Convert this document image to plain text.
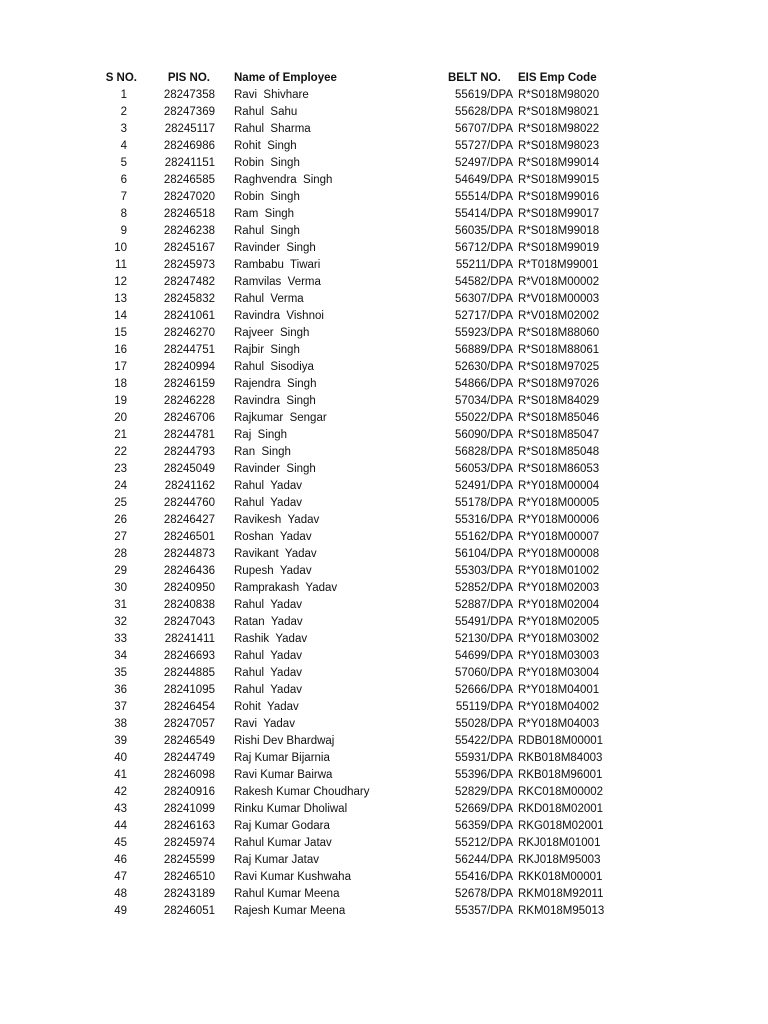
S NO.	PIS NO.	Name of Employee	BELT NO.	EIS Emp Code
1	28247358	Ravi  Shivhare	55619/DPA	R*S018M98020
2	28247369	Rahul  Sahu	55628/DPA	R*S018M98021
3	28245117	Rahul  Sharma	56707/DPA	R*S018M98022
4	28246986	Rohit  Singh	55727/DPA	R*S018M98023
5	28241151	Robin  Singh	52497/DPA	R*S018M99014
6	28246585	Raghvendra  Singh	54649/DPA	R*S018M99015
7	28247020	Robin  Singh	55514/DPA	R*S018M99016
8	28246518	Ram  Singh	55414/DPA	R*S018M99017
9	28246238	Rahul  Singh	56035/DPA	R*S018M99018
10	28245167	Ravinder  Singh	56712/DPA	R*S018M99019
11	28245973	Rambabu  Tiwari	55211/DPA	R*T018M99001
12	28247482	Ramvilas  Verma	54582/DPA	R*V018M00002
13	28245832	Rahul  Verma	56307/DPA	R*V018M00003
14	28241061	Ravindra  Vishnoi	52717/DPA	R*V018M02002
15	28246270	Rajveer  Singh	55923/DPA	R*S018M88060
16	28244751	Rajbir  Singh	56889/DPA	R*S018M88061
17	28240994	Rahul  Sisodiya	52630/DPA	R*S018M97025
18	28246159	Rajendra  Singh	54866/DPA	R*S018M97026
19	28246228	Ravindra  Singh	57034/DPA	R*S018M84029
20	28246706	Rajkumar  Sengar	55022/DPA	R*S018M85046
21	28244781	Raj  Singh	56090/DPA	R*S018M85047
22	28244793	Ran  Singh	56828/DPA	R*S018M85048
23	28245049	Ravinder  Singh	56053/DPA	R*S018M86053
24	28241162	Rahul  Yadav	52491/DPA	R*Y018M00004
25	28244760	Rahul  Yadav	55178/DPA	R*Y018M00005
26	28246427	Ravikesh  Yadav	55316/DPA	R*Y018M00006
27	28246501	Roshan  Yadav	55162/DPA	R*Y018M00007
28	28244873	Ravikant  Yadav	56104/DPA	R*Y018M00008
29	28246436	Rupesh  Yadav	55303/DPA	R*Y018M01002
30	28240950	Ramprakash  Yadav	52852/DPA	R*Y018M02003
31	28240838	Rahul  Yadav	52887/DPA	R*Y018M02004
32	28247043	Ratan  Yadav	55491/DPA	R*Y018M02005
33	28241411	Rashik  Yadav	52130/DPA	R*Y018M03002
34	28246693	Rahul  Yadav	54699/DPA	R*Y018M03003
35	28244885	Rahul  Yadav	57060/DPA	R*Y018M03004
36	28241095	Rahul  Yadav	52666/DPA	R*Y018M04001
37	28246454	Rohit  Yadav	55119/DPA	R*Y018M04002
38	28247057	Ravi  Yadav	55028/DPA	R*Y018M04003
39	28246549	Rishi Dev Bhardwaj	55422/DPA	RDB018M00001
40	28244749	Raj Kumar Bijarnia	55931/DPA	RKB018M84003
41	28246098	Ravi Kumar Bairwa	55396/DPA	RKB018M96001
42	28240916	Rakesh Kumar Choudhary	52829/DPA	RKC018M00002
43	28241099	Rinku Kumar Dholiwal	52669/DPA	RKD018M02001
44	28246163	Raj Kumar Godara	56359/DPA	RKG018M02001
45	28245974	Rahul Kumar Jatav	55212/DPA	RKJ018M01001
46	28245599	Raj Kumar Jatav	56244/DPA	RKJ018M95003
47	28246510	Ravi Kumar Kushwaha	55416/DPA	RKK018M00001
48	28243189	Rahul Kumar Meena	52678/DPA	RKM018M92011
49	28246051	Rajesh Kumar Meena	55357/DPA	RKM018M95013
